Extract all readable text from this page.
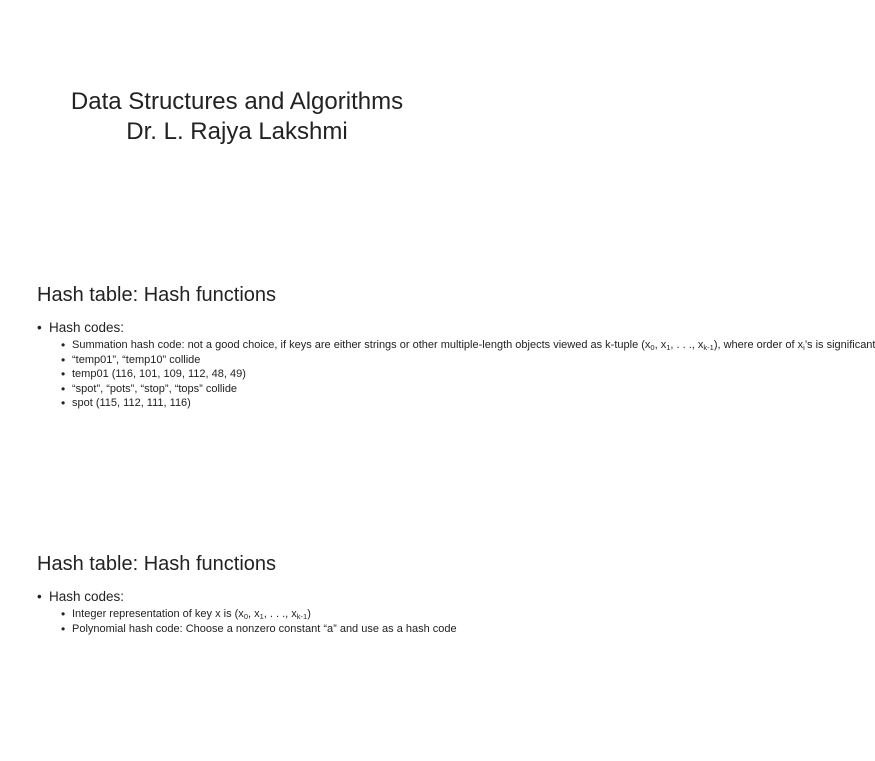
Data Structures and Algorithms
Dr. L. Rajya Lakshmi
Hash table: Hash functions
• Hash codes:
• Summation hash code: not a good choice, if keys are either strings or other multiple-length objects viewed as k-tuple ($x_0$, $x_1$, . . ., $x_{k-1}$), where order of $x_i’s$ is significant
• “temp01”, “temp10” collide
• temp01 (116, 101, 109, 112, 48, 49)
• “spot”, “pots”, “stop”, “tops” collide
• spot (115, 112, 111, 116)
Hash table: Hash functions
• Hash codes:
• Integer representation of key x is ($x_0$, $x_1$, . . ., $x_{k-1}$)
• Polynomial hash code: Choose a nonzero constant “a” and use as a hash code
